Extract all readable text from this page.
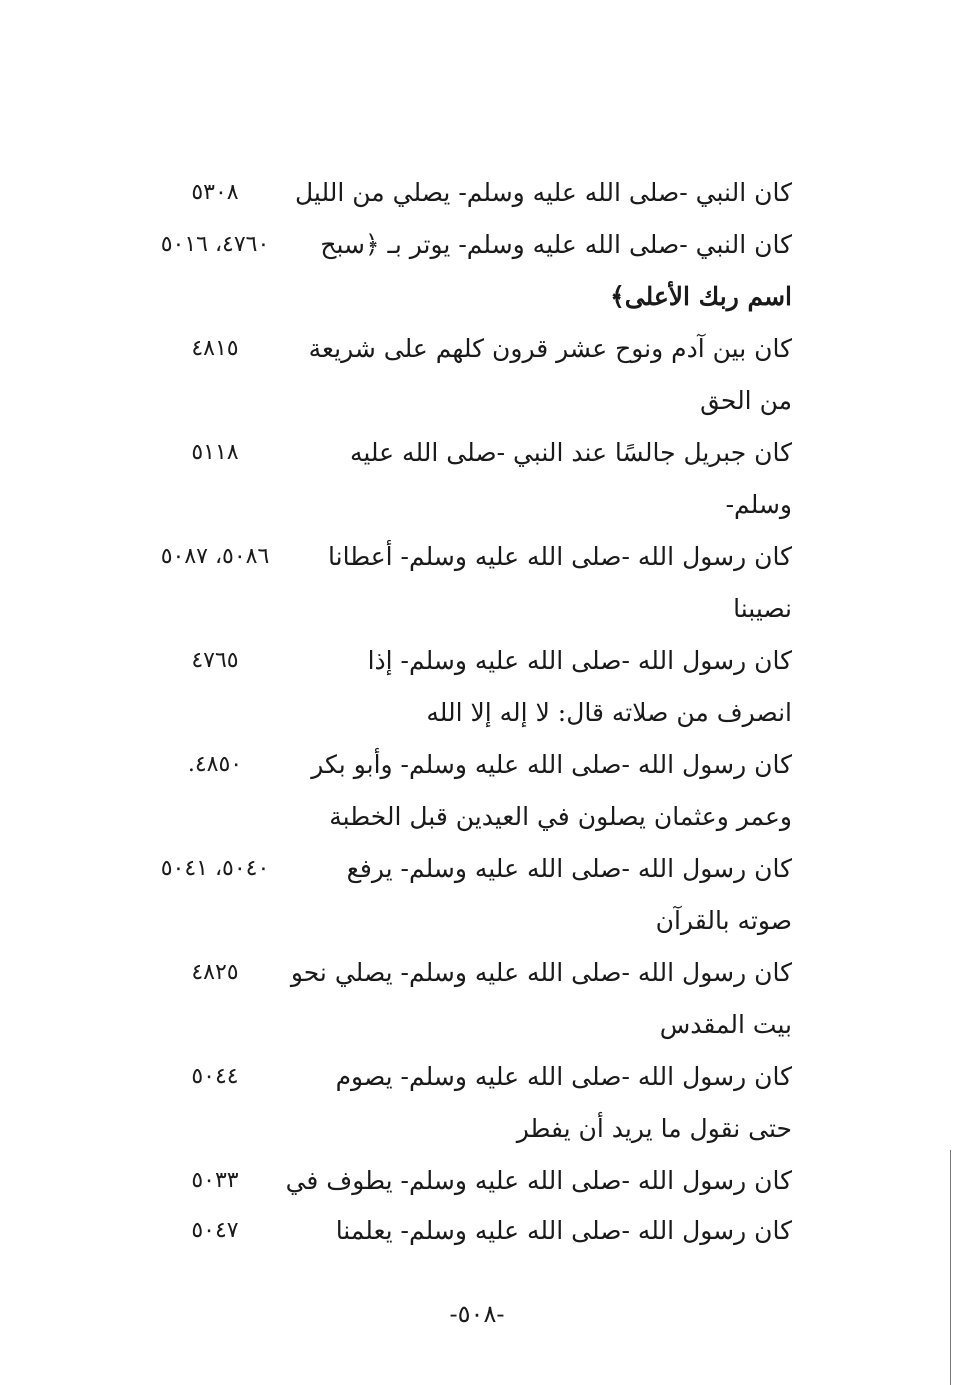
كان النبي -صلى الله عليه وسلم- يصلي من الليل
٥٣٠٨
كان النبي -صلى الله عليه وسلم- يوتر بـ ﴿سبح
٤٧٦٠، ٥٠١٦
اسم ربك الأعلى﴾
كان بين آدم ونوح عشر قرون كلهم على شريعة
٤٨١٥
من الحق
كان جبريل جالسًا عند النبي -صلى الله عليه
٥١١٨
وسلم-
كان رسول الله -صلى الله عليه وسلم- أعطانا
٥٠٨٦، ٥٠٨٧
نصيبنا
كان رسول الله -صلى الله عليه وسلم- إذا
٤٧٦٥
انصرف من صلاته قال: لا إله إلا الله
كان رسول الله -صلى الله عليه وسلم- وأبو بكر
٤٨٥٠.
وعمر وعثمان يصلون في العيدين قبل الخطبة
كان رسول الله -صلى الله عليه وسلم- يرفع
٥٠٤٠، ٥٠٤١
صوته بالقرآن
كان رسول الله -صلى الله عليه وسلم- يصلي نحو
٤٨٢٥
بيت المقدس
كان رسول الله -صلى الله عليه وسلم- يصوم
٥٠٤٤
حتى نقول ما يريد أن يفطر
كان رسول الله -صلى الله عليه وسلم- يطوف في
٥٠٣٣
كان رسول الله -صلى الله عليه وسلم- يعلمنا
٥٠٤٧
-٥٠٨-
